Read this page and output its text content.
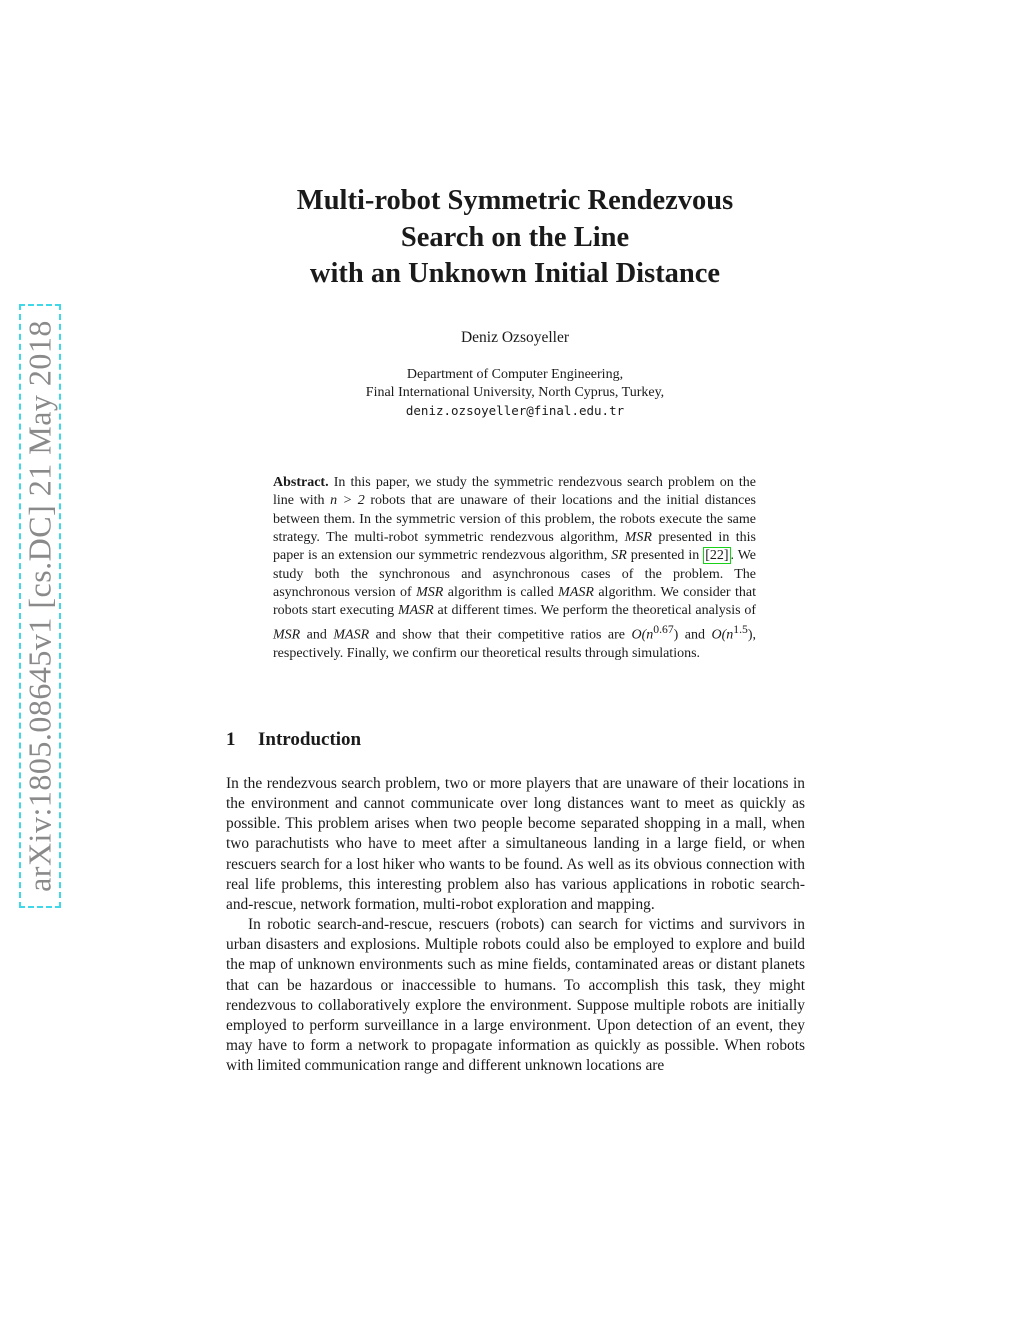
arXiv:1805.08645v1 [cs.DC] 21 May 2018
Multi-robot Symmetric Rendezvous
Search on the Line
with an Unknown Initial Distance
Deniz Ozsoyeller
Department of Computer Engineering,
Final International University, North Cyprus, Turkey,
deniz.ozsoyeller@final.edu.tr
Abstract. In this paper, we study the symmetric rendezvous search problem on the line with n > 2 robots that are unaware of their locations and the initial distances between them. In the symmetric version of this problem, the robots execute the same strategy. The multi-robot symmetric rendezvous algorithm, MSR presented in this paper is an extension our symmetric rendezvous algorithm, SR presented in [22] . We study both the synchronous and asynchronous cases of the problem. The asynchronous version of MSR algorithm is called MASR algorithm. We consider that robots start executing MASR at different times. We perform the theoretical analysis of MSR and MASR and show that their competitive ratios are $O(n^{0.67})$ and $O(n^{1.5})$, respectively. Finally, we confirm our theoretical results through simulations.
1 Introduction

In the rendezvous search problem, two or more players that are unaware of their locations in the environment and cannot communicate over long distances want to meet as quickly as possible. This problem arises when two people become separated shopping in a mall, when two parachutists who have to meet after a simultaneous landing in a large field, or when rescuers search for a lost hiker who wants to be found. As well as its obvious connection with real life problems, this interesting problem also has various applications in robotic search-and-rescue, network formation, multi-robot exploration and mapping.

In robotic search-and-rescue, rescuers (robots) can search for victims and survivors in urban disasters and explosions. Multiple robots could also be employed to explore and build the map of unknown environments such as mine fields, contaminated areas or distant planets that can be hazardous or inaccessible to humans. To accomplish this task, they might rendezvous to collaboratively explore the environment. Suppose multiple robots are initially employed to perform surveillance in a large environment. Upon detection of an event, they may have to form a network to propagate information as quickly as possible. When robots with limited communication range and different unknown locations are
